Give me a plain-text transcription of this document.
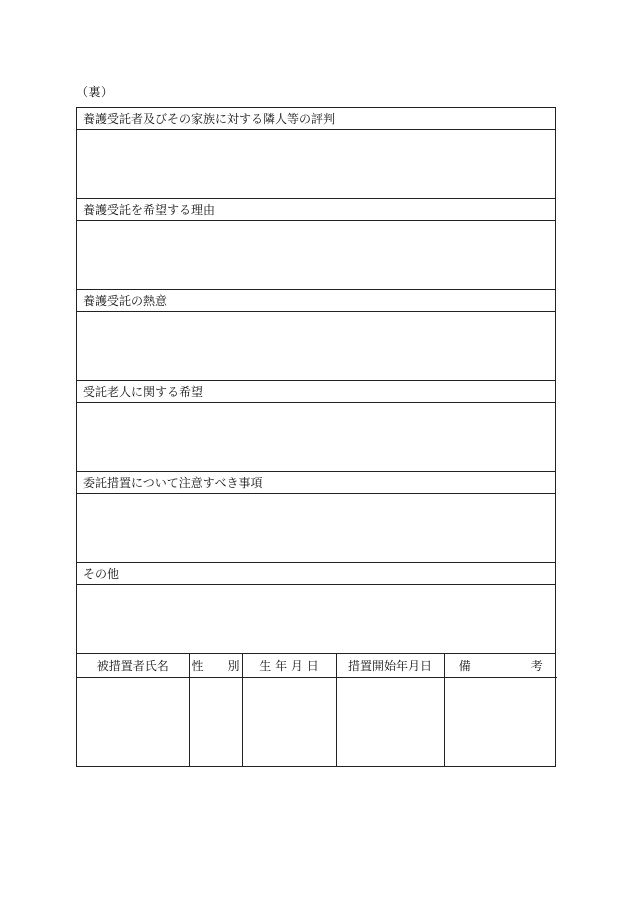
（裏）
養護受託者及びその家族に対する隣人等の評判
養護受託を希望する理由
養護受託の熱意
受託老人に関する希望
委託措置について注意すべき事項
その他
被措置者氏名	性　　別	生 年 月 日	措置開始年月日	備　　　　　考
